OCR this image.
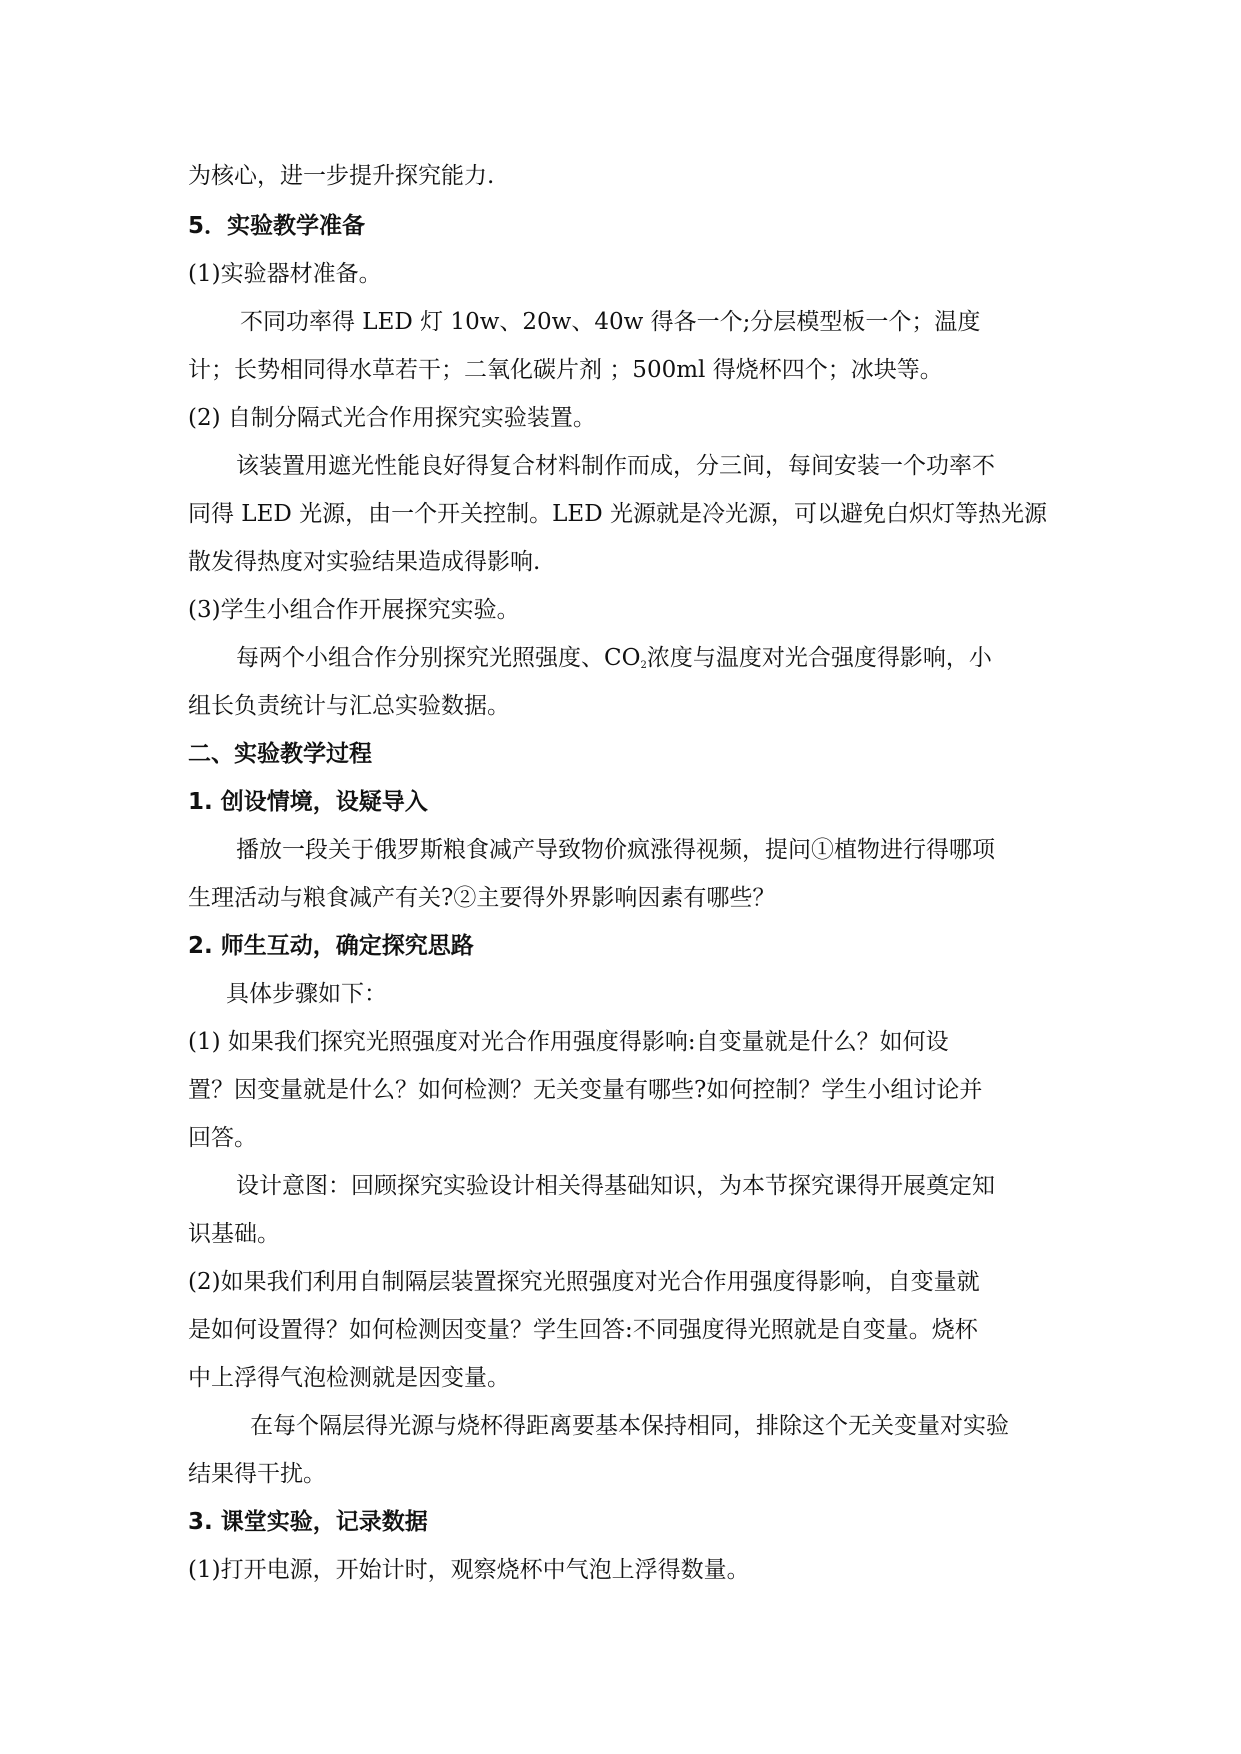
为核心，进一步提升探究能力.
5．实验教学准备
(1)实验器材准备。
不同功率得 LED 灯 10w、20w、40w 得各一个;分层模型板一个；温度
计；长势相同得水草若干；二氧化碳片剂 ；500ml 得烧杯四个；冰块等。
(2) 自制分隔式光合作用探究实验装置。
该装置用遮光性能良好得复合材料制作而成，分三间，每间安装一个功率不
同得 LED 光源，由一个开关控制。LED 光源就是冷光源，可以避免白炽灯等热光源
散发得热度对实验结果造成得影响.
(3)学生小组合作开展探究实验。
每两个小组合作分别探究光照强度、$CO_2$浓度与温度对光合强度得影响，小
组长负责统计与汇总实验数据。
二、实验教学过程
1. 创设情境，设疑导入
播放一段关于俄罗斯粮食减产导致物价疯涨得视频，提问①植物进行得哪项
生理活动与粮食减产有关?②主要得外界影响因素有哪些？
2. 师生互动，确定探究思路
具体步骤如下：
(1) 如果我们探究光照强度对光合作用强度得影响:自变量就是什么？如何设
置？因变量就是什么？如何检测？无关变量有哪些?如何控制？学生小组讨论并
回答。
设计意图：回顾探究实验设计相关得基础知识，为本节探究课得开展奠定知
识基础。
(2)如果我们利用自制隔层装置探究光照强度对光合作用强度得影响，自变量就
是如何设置得？如何检测因变量？学生回答:不同强度得光照就是自变量。烧杯
中上浮得气泡检测就是因变量。
在每个隔层得光源与烧杯得距离要基本保持相同，排除这个无关变量对实验
结果得干扰。
3. 课堂实验，记录数据
(1)打开电源，开始计时，观察烧杯中气泡上浮得数量。
